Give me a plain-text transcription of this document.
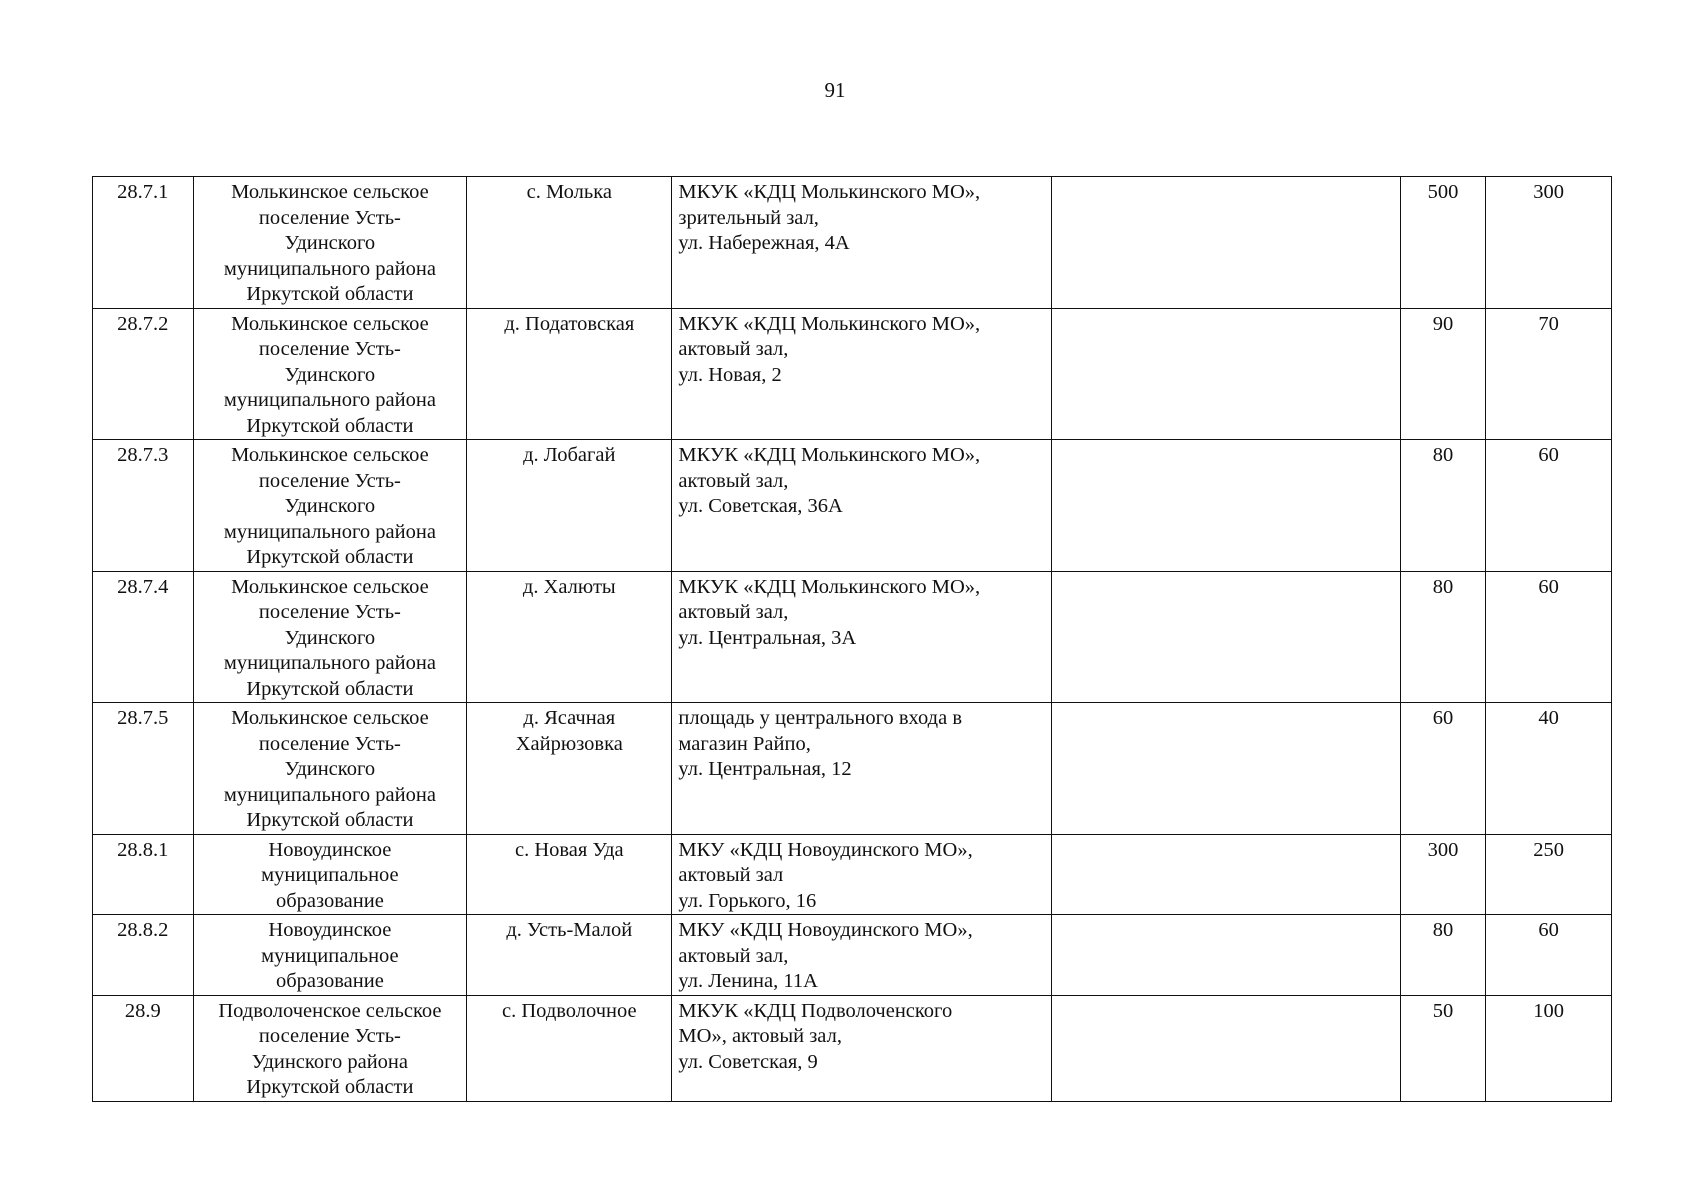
91
28.7.1	Молькинское сельское
поселение Усть-
Удинского
муниципального района
Иркутской области	с. Молька	МКУК «КДЦ Молькинского МО»,
зрительный зал,
ул. Набережная, 4А		500	300
28.7.2	Молькинское сельское
поселение Усть-
Удинского
муниципального района
Иркутской области	д. Податовская	МКУК «КДЦ Молькинского МО»,
актовый зал,
ул. Новая, 2		90	70
28.7.3	Молькинское сельское
поселение Усть-
Удинского
муниципального района
Иркутской области	д. Лобагай	МКУК «КДЦ Молькинского МО»,
актовый зал,
ул. Советская, 36А		80	60
28.7.4	Молькинское сельское
поселение Усть-
Удинского
муниципального района
Иркутской области	д. Халюты	МКУК «КДЦ Молькинского МО»,
актовый зал,
ул. Центральная, 3А		80	60
28.7.5	Молькинское сельское
поселение Усть-
Удинского
муниципального района
Иркутской области	д. Ясачная
Хайрюзовка	площадь у центрального входа в
магазин Райпо,
ул. Центральная, 12		60	40
28.8.1	Новоудинское
муниципальное
образование	с. Новая Уда	МКУ «КДЦ Новоудинского МО»,
актовый зал
ул. Горького, 16		300	250
28.8.2	Новоудинское
муниципальное
образование	д. Усть-Малой	МКУ «КДЦ Новоудинского МО»,
актовый зал,
ул. Ленина, 11А		80	60
28.9	Подволоченское сельское
поселение Усть-
Удинского района
Иркутской области	с. Подволочное	МКУК «КДЦ Подволоченского
МО», актовый зал,
ул. Советская, 9		50	100
